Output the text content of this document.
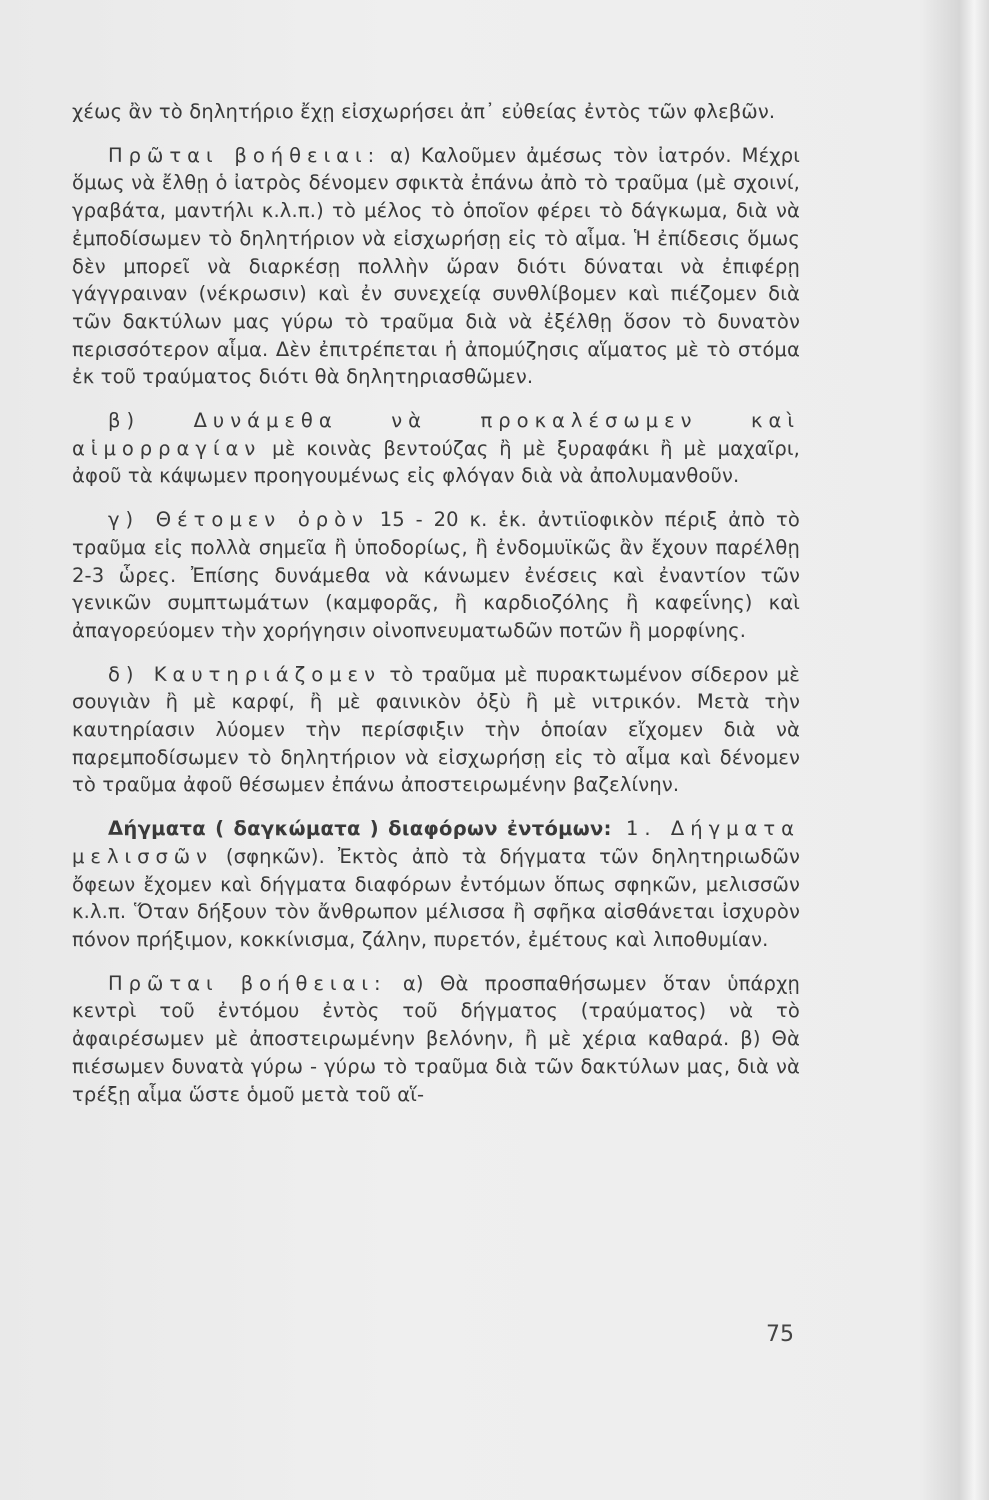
χέως ἂν τὸ δηλητήριο ἔχῃ εἰσχωρήσει ἀπ᾿ εὐθείας ἐντὸς τῶν φλεβῶν.

Πρῶται βοήθειαι: α) Καλοῦμεν ἀμέσως τὸν ἰατρόν. Μέχρι ὅμως νὰ ἔλθῃ ὁ ἰατρὸς δένομεν σφικτὰ ἐπάνω ἀπὸ τὸ τραῦμα (μὲ σχοινί, γραβάτα, μαντήλι κ.λ.π.) τὸ μέλος τὸ ὁποῖον φέρει τὸ δάγκωμα, διὰ νὰ ἐμποδίσωμεν τὸ δηλητήριον νὰ εἰσχωρήσῃ εἰς τὸ αἷμα. Ἡ ἐπίδεσις ὅμως δὲν μπορεῖ νὰ διαρκέσῃ πολλὴν ὥραν διότι δύναται νὰ ἐπιφέρῃ γάγγραιναν (νέκρωσιν) καὶ ἐν συνεχείᾳ συνθλίβομεν καὶ πιέζομεν διὰ τῶν δακτύλων μας γύρω τὸ τραῦμα διὰ νὰ ἐξέλθῃ ὅσον τὸ δυνατὸν περισσότερον αἷμα. Δὲν ἐπιτρέπεται ἡ ἀπομύζησις αἵματος μὲ τὸ στόμα ἐκ τοῦ τραύματος διότι θὰ δηλητηριασθῶμεν.

β) Δυνάμεθα νὰ προκαλέσωμεν καὶ αἱμορραγίαν μὲ κοινὰς βεντούζας ἢ μὲ ξυραφάκι ἢ μὲ μαχαῖρι, ἀφοῦ τὰ κάψωμεν προηγουμένως εἰς φλόγαν διὰ νὰ ἀπολυμανθοῦν.

γ) Θέτομεν ὀρὸν 15 - 20 κ. ἑκ. ἀντιϊοφικὸν πέριξ ἀπὸ τὸ τραῦμα εἰς πολλὰ σημεῖα ἢ ὑποδορίως, ἢ ἐνδομυϊκῶς ἂν ἔχουν παρέλθῃ 2-3 ὧρες. Ἐπίσης δυνάμεθα νὰ κάνωμεν ἐνέσεις καὶ ἐναντίον τῶν γενικῶν συμπτωμάτων (καμφορᾶς, ἢ καρδιοζόλης ἢ καφεΐνης) καὶ ἀπαγορεύομεν τὴν χορήγησιν οἰνοπνευματωδῶν ποτῶν ἢ μορφίνης.

δ) Καυτηριάζομεν τὸ τραῦμα μὲ πυρακτωμένον σίδερον μὲ σουγιὰν ἢ μὲ καρφί, ἢ μὲ φαινικὸν ὀξὺ ἢ μὲ νιτρικόν. Μετὰ τὴν καυτηρίασιν λύομεν τὴν περίσφιξιν τὴν ὁποίαν εἴχομεν διὰ νὰ παρεμποδίσωμεν τὸ δηλητήριον νὰ εἰσχωρήσῃ εἰς τὸ αἷμα καὶ δένομεν τὸ τραῦμα ἀφοῦ θέσωμεν ἐπάνω ἀποστειρωμένην βαζελίνην.

Δήγματα ( δαγκώματα ) διαφόρων ἐντόμων: 1. Δήγματα μελισσῶν (σφηκῶν). Ἐκτὸς ἀπὸ τὰ δήγματα τῶν δηλητηριωδῶν ὄφεων ἔχομεν καὶ δήγματα διαφόρων ἐντόμων ὅπως σφηκῶν, μελισσῶν κ.λ.π. Ὅταν δήξουν τὸν ἄνθρωπον μέλισσα ἢ σφῆκα αἰσθάνεται ἰσχυρὸν πόνον πρήξιμον, κοκκίνισμα, ζάλην, πυρετόν, ἐμέτους καὶ λιποθυμίαν.

Πρῶται βοήθειαι: α) Θὰ προσπαθήσωμεν ὅταν ὑπάρχῃ κεντρὶ τοῦ ἐντόμου ἐντὸς τοῦ δήγματος (τραύματος) νὰ τὸ ἀφαιρέσωμεν μὲ ἀποστειρωμένην βελόνην, ἢ μὲ χέρια καθαρά. β) Θὰ πιέσωμεν δυνατὰ γύρω - γύρω τὸ τραῦμα διὰ τῶν δακτύλων μας, διὰ νὰ τρέξῃ αἷμα ὥστε ὁμοῦ μετὰ τοῦ αἵ-

75
